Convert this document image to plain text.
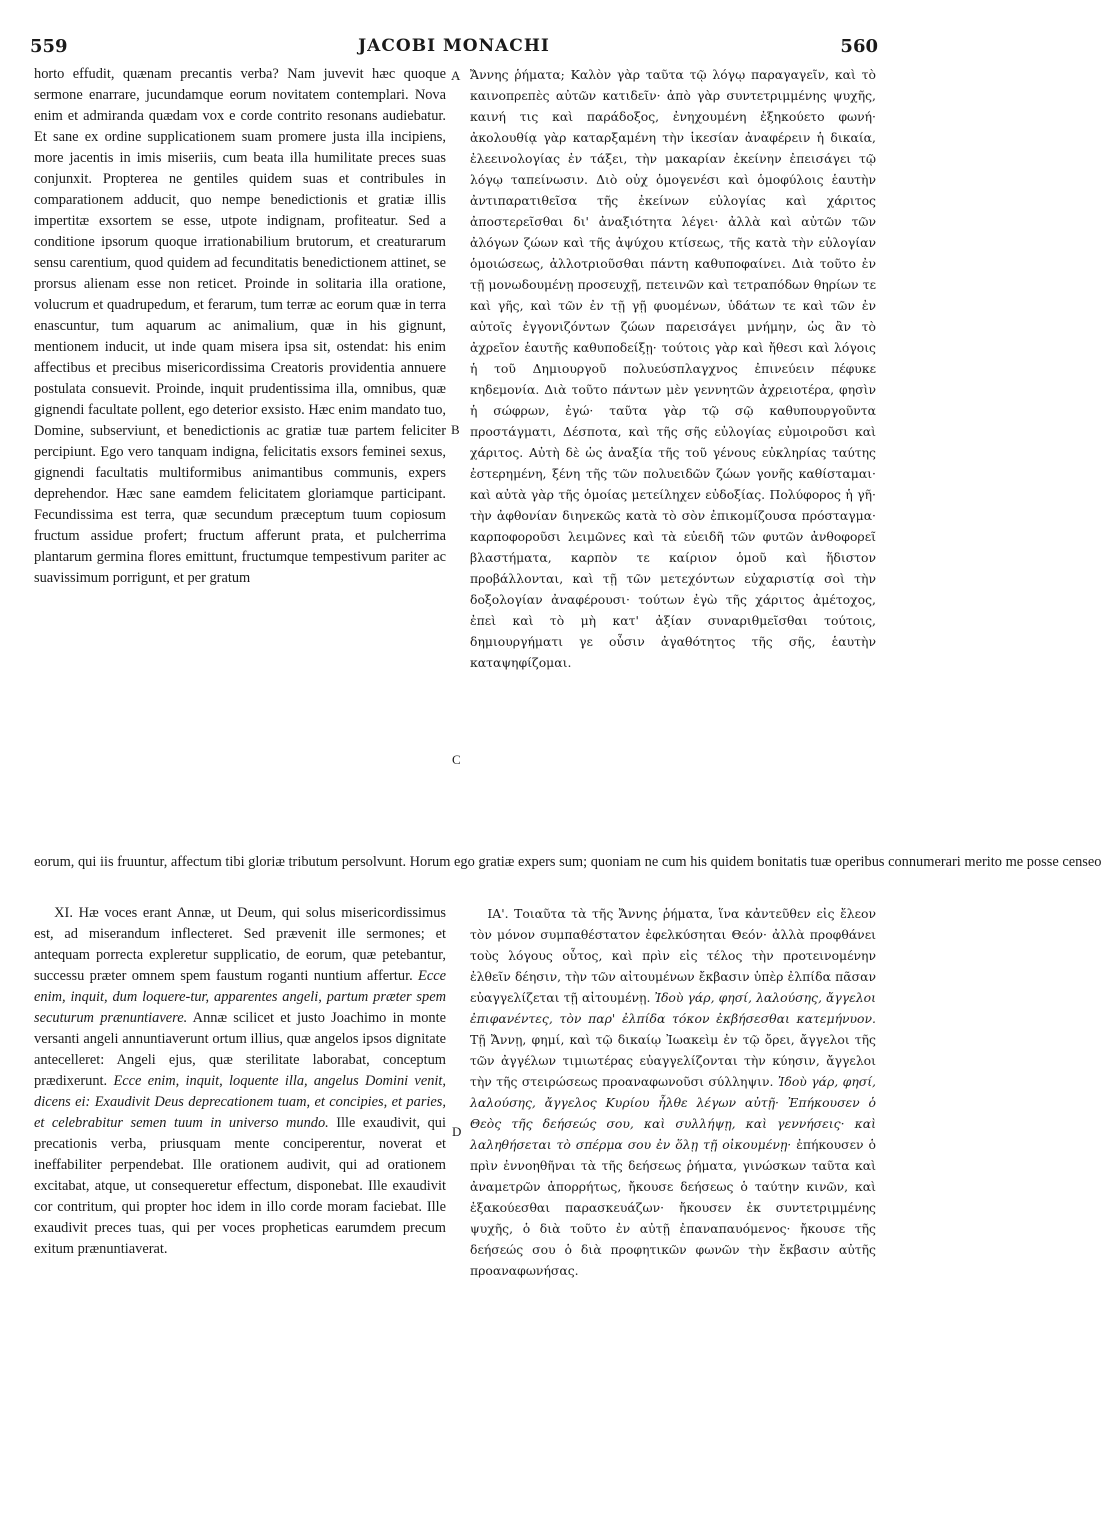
559	JACOBI MONACHI	560
A
B
C
D

horto effudit, quænam precantis verba? Nam juvevit hæc quoque sermone enarrare, jucundamque eorum novitatem contemplari. Nova enim et admiranda quædam vox e corde contrito resonans audiebatur. Et sane ex ordine supplicationem suam promere justa illa incipiens, more jacentis in imis miseriis, cum beata illa humilitate preces suas conjunxit. Propterea ne gentiles quidem suas et contribules in comparationem adducit, quo nempe benedictionis et gratiæ illis impertitæ exsortem se esse, utpote indignam, profiteatur. Sed a conditione ipsorum quoque irrationabilium brutorum, et creaturarum sensu carentium, quod quidem ad fecunditatis benedictionem attinet, se prorsus alienam esse non reticet. Proinde in solitaria illa oratione, volucrum et quadrupedum, et ferarum, tum terræ ac eorum quæ in terra enascuntur, tum aquarum ac animalium, quæ in his gignunt, mentionem inducit, ut inde quam misera ipsa sit, ostendat: his enim affectibus et precibus misericordissima Creatoris providentia annuere postulata consuevit. Proinde, inquit prudentissima illa, omnibus, quæ gignendi facultate pollent, ego deterior exsisto. Hæc enim mandato tuo, Domine, subserviunt, et benedictionis ac gratiæ tuæ partem feliciter percipiunt. Ego vero tanquam indigna, felicitatis exsors feminei sexus, gignendi facultatis multiformibus animantibus communis, expers deprehendor. Hæc sane eamdem felicitatem gloriamque participant. Fecundissima est terra, quæ secundum præceptum tuum copiosum fructum assidue profert; fructum afferunt prata, et pulcherrima plantarum germina flores emittunt, fructumque tempestivum pariter ac suavissimum porrigunt, et per gratum

Ἄννης ῥήματα; Καλὸν γὰρ ταῦτα τῷ λόγῳ παραγαγεῖν, καὶ τὸ καινοπρεπὲς αὐτῶν κατιδεῖν· ἀπὸ γὰρ συντετριμμένης ψυχῆς, καινή τις καὶ παράδοξος, ἐνηχουμένη ἐξηκούετο φωνή· ἀκολουθίᾳ γὰρ καταρξαμένη τὴν ἱκεσίαν ἀναφέρειν ἡ δικαία, ἐλεεινολογίας ἐν τάξει, τὴν μακαρίαν ἐκείνην ἐπεισάγει τῷ λόγῳ ταπείνωσιν. Διὸ οὐχ ὁμογενέσι καὶ ὁμοφύλοις ἑαυτὴν ἀντιπαρατιθεῖσα τῆς ἐκείνων εὐλογίας καὶ χάριτος ἀποστερεῖσθαι δι' ἀναξιότητα λέγει· ἀλλὰ καὶ αὐτῶν τῶν ἀλόγων ζώων καὶ τῆς ἀψύχου κτίσεως, τῆς κατὰ τὴν εὐλογίαν ὁμοιώσεως, ἀλλοτριοῦσθαι πάντη καθυποφαίνει. Διὰ τοῦτο ἐν τῇ μονωδουμένῃ προσευχῇ, πετεινῶν καὶ τετραπόδων θηρίων τε καὶ γῆς, καὶ τῶν ἐν τῇ γῇ φυομένων, ὑδάτων τε καὶ τῶν ἐν αὐτοῖς ἐγγονιζόντων ζώων παρεισάγει μνήμην, ὡς ἂν τὸ ἀχρεῖον ἑαυτῆς καθυποδείξῃ· τούτοις γὰρ καὶ ἤθεσι καὶ λόγοις ἡ τοῦ Δημιουργοῦ πολυεύσπλαγχνος ἐπινεύειν πέφυκε κηδεμονία. Διὰ τοῦτο πάντων μὲν γεννητῶν ἀχρειοτέρα, φησὶν ἡ σώφρων, ἐγώ· ταῦτα γὰρ τῷ σῷ καθυπουργοῦντα προστάγματι, Δέσποτα, καὶ τῆς σῆς εὐλογίας εὐμοιροῦσι καὶ χάριτος. Αὐτὴ δὲ ὡς ἀναξία τῆς τοῦ γένους εὐκληρίας ταύτης ἐστερημένη, ξένη τῆς τῶν πολυειδῶν ζώων γονῆς καθίσταμαι· καὶ αὐτὰ γὰρ τῆς ὁμοίας μετείληχεν εὐδοξίας. Πολύφορος ἡ γῆ· τὴν ἀφθονίαν διηνεκῶς κατὰ τὸ σὸν ἐπικομίζουσα πρόσταγμα· καρποφοροῦσι λειμῶνες καὶ τὰ εὐειδῆ τῶν φυτῶν ἀνθοφορεῖ βλαστήματα, καρπὸν τε καίριον ὁμοῦ καὶ ἥδιστον προβάλλονται, καὶ τῇ τῶν μετεχόντων εὐχαριστίᾳ σοὶ τὴν δοξολογίαν ἀναφέρουσι· τούτων ἐγὼ τῆς χάριτος ἀμέτοχος, ἐπεὶ καὶ τὸ μὴ κατ' ἀξίαν συναριθμεῖσθαι τούτοις, δημιουργήματι γε οὖσιν ἀγαθότητος τῆς σῆς, ἑαυτὴν καταψηφίζομαι.

eorum, qui iis fruuntur, affectum tibi gloriæ tributum persolvunt. Horum ego gratiæ expers sum; quoniam ne cum his quidem bonitatis tuæ operibus connumerari merito me posse censeo

XI. Hæ voces erant Annæ, ut Deum, qui solus misericordissimus est, ad miserandum inflecteret. Sed prævenit ille sermones; et antequam porrecta expleretur supplicatio, de eorum, quæ petebantur, successu præter omnem spem faustum roganti nuntium affertur. Ecce enim, inquit, dum loquere-tur, apparentes angeli, partum præter spem secuturum prænuntiavere. Annæ scilicet et justo Joachimo in monte versanti angeli annuntiaverunt ortum illius, quæ angelos ipsos dignitate antecelleret: Angeli ejus, quæ sterilitate laborabat, conceptum prædixerunt. Ecce enim, inquit, loquente illa, angelus Domini venit, dicens ei: Exaudivit Deus deprecationem tuam, et concipies, et paries, et celebrabitur semen tuum in universo mundo. Ille exaudivit, qui precationis verba, priusquam mente conciperentur, noverat et ineffabiliter perpendebat. Ille orationem audivit, qui ad orationem excitabat, atque, ut consequeretur effectum, disponebat. Ille exaudivit cor contritum, qui propter hoc idem in illo corde moram faciebat. Ille exaudivit preces tuas, qui per voces propheticas earumdem precum exitum prænuntiaverat.

ΙΑ'. Τοιαῦτα τὰ τῆς Ἄννης ῥήματα, ἵνα κἀντεῦθεν εἰς ἔλεον τὸν μόνον συμπαθέστατον ἐφελκύσηται Θεόν· ἀλλὰ προφθάνει τοὺς λόγους οὗτος, καὶ πρὶν εἰς τέλος τὴν προτεινομένην ἐλθεῖν δέησιν, τὴν τῶν αἰτουμένων ἔκβασιν ὑπὲρ ἐλπίδα πᾶσαν εὐαγγελίζεται τῇ αἰτουμένῃ. Ἰδοὺ γάρ, φησί, λαλούσης, ἄγγελοι ἐπιφανέντες, τὸν παρ' ἐλπίδα τόκον ἐκβήσεσθαι κατεμήνυον. Τῇ Ἄννῃ, φημί, καὶ τῷ δικαίῳ Ἰωακεὶμ ἐν τῷ ὄρει, ἄγγελοι τῆς τῶν ἀγγέλων τιμιωτέρας εὐαγγελίζονται τὴν κύησιν, ἄγγελοι τὴν τῆς στειρώσεως προαναφωνοῦσι σύλληψιν. Ἰδοὺ γάρ, φησί, λαλούσης, ἄγγελος Κυρίου ἦλθε λέγων αὐτῇ· Ἐπήκουσεν ὁ Θεὸς τῆς δεήσεώς σου, καὶ συλλήψῃ, καὶ γεννήσεις· καὶ λαληθήσεται τὸ σπέρμα σου ἐν ὅλῃ τῇ οἰκουμένῃ· ἐπήκουσεν ὁ πρὶν ἐννοηθῆναι τὰ τῆς δεήσεως ῥήματα, γινώσκων ταῦτα καὶ ἀναμετρῶν ἀπορρήτως, ἤκουσε δεήσεως ὁ ταύτην κινῶν, καὶ ἐξακούεσθαι παρασκευάζων· ἤκουσεν ἐκ συντετριμμένης ψυχῆς, ὁ διὰ τοῦτο ἐν αὐτῇ ἐπαναπαυόμενος· ἤκουσε τῆς δεήσεώς σου ὁ διὰ προφητικῶν φωνῶν τὴν ἔκβασιν αὐτῆς προαναφωνήσας.
